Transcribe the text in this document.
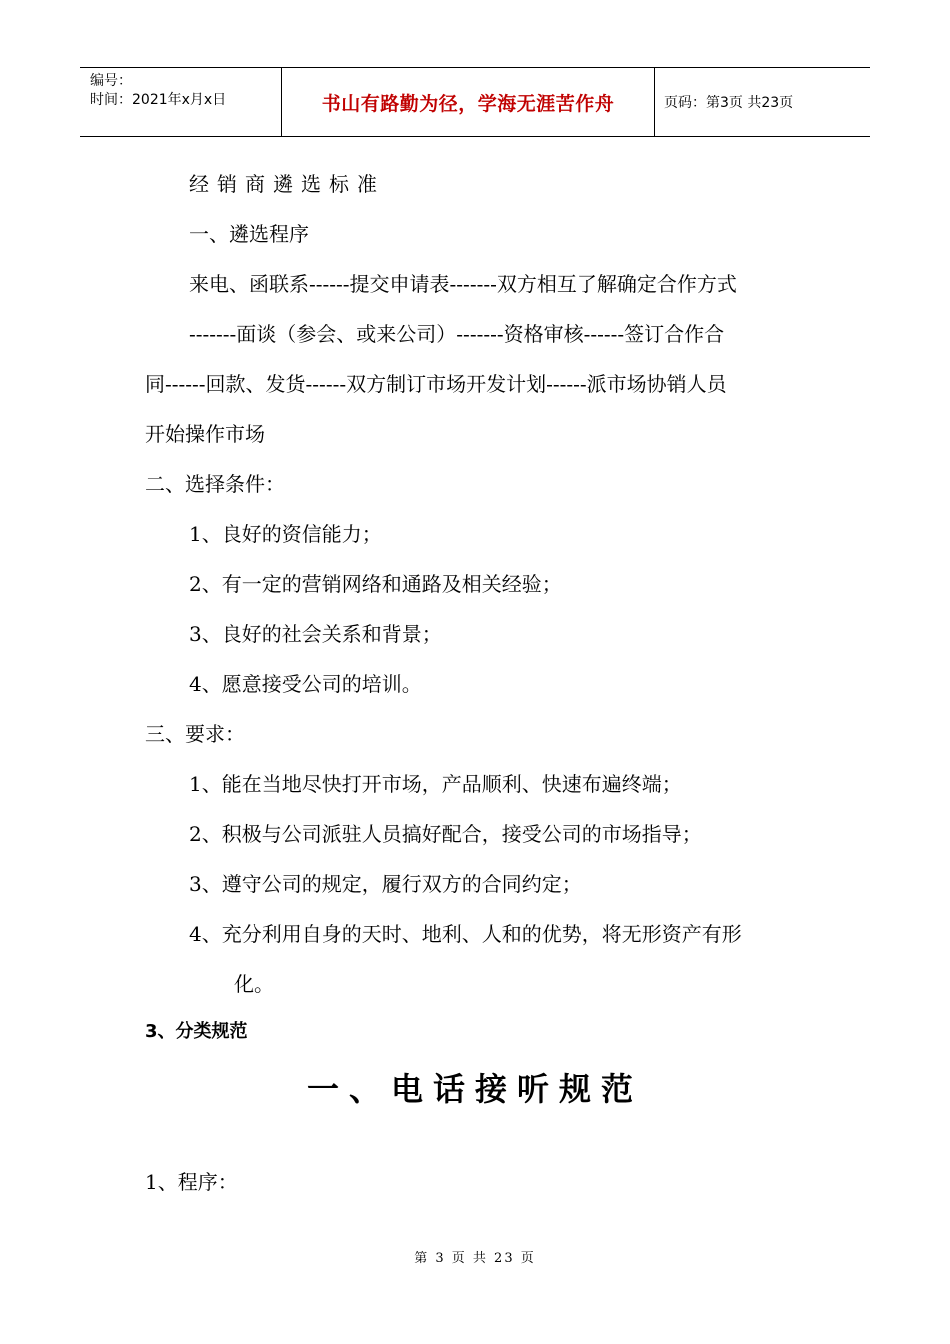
编号：
时间：2021年x月x日	书山有路勤为径，学海无涯苦作舟	页码：第3页 共23页
经销商遴选标准
一、遴选程序
来电、函联系------提交申请表-------双方相互了解确定合作方式
-------面谈（参会、或来公司）-------资格审核------签订合作合
同------回款、发货------双方制订市场开发计划------派市场协销人员
开始操作市场
二、选择条件：
1、良好的资信能力；
2、有一定的营销网络和通路及相关经验；
3、良好的社会关系和背景；
4、愿意接受公司的培训。
三、要求：
1、能在当地尽快打开市场，产品顺利、快速布遍终端；
2、积极与公司派驻人员搞好配合，接受公司的市场指导；
3、遵守公司的规定，履行双方的合同约定；
4、充分利用自身的天时、地利、人和的优势，将无形资产有形
化。
3、分类规范
一、电话接听规范
1、程序：
第 3 页 共 23 页
